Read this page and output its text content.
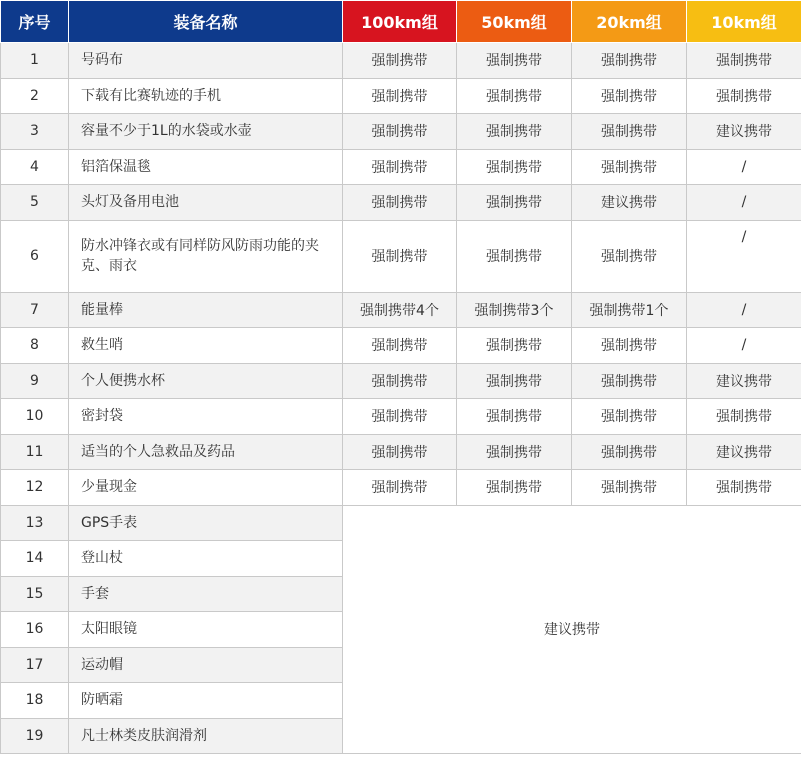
序号	装备名称	100km组	50km组	20km组	10km组
1	号码布	强制携带	强制携带	强制携带	强制携带
2	下载有比赛轨迹的手机	强制携带	强制携带	强制携带	强制携带
3	容量不少于1L的水袋或水壶	强制携带	强制携带	强制携带	建议携带
4	铝箔保温毯	强制携带	强制携带	强制携带	/
5	头灯及备用电池	强制携带	强制携带	建议携带	/
6	防水冲锋衣或有同样防风防雨功能的夹克、雨衣	强制携带	强制携带	强制携带	/
7	能量棒	强制携带4个	强制携带3个	强制携带1个	/
8	救生哨	强制携带	强制携带	强制携带	/
9	个人便携水杯	强制携带	强制携带	强制携带	建议携带
10	密封袋	强制携带	强制携带	强制携带	强制携带
11	适当的个人急救品及药品	强制携带	强制携带	强制携带	建议携带
12	少量现金	强制携带	强制携带	强制携带	强制携带
13	GPS手表	建议携带			
14	登山杖				
15	手套				
16	太阳眼镜				
17	运动帽				
18	防晒霜				
19	凡士林类皮肤润滑剂				
